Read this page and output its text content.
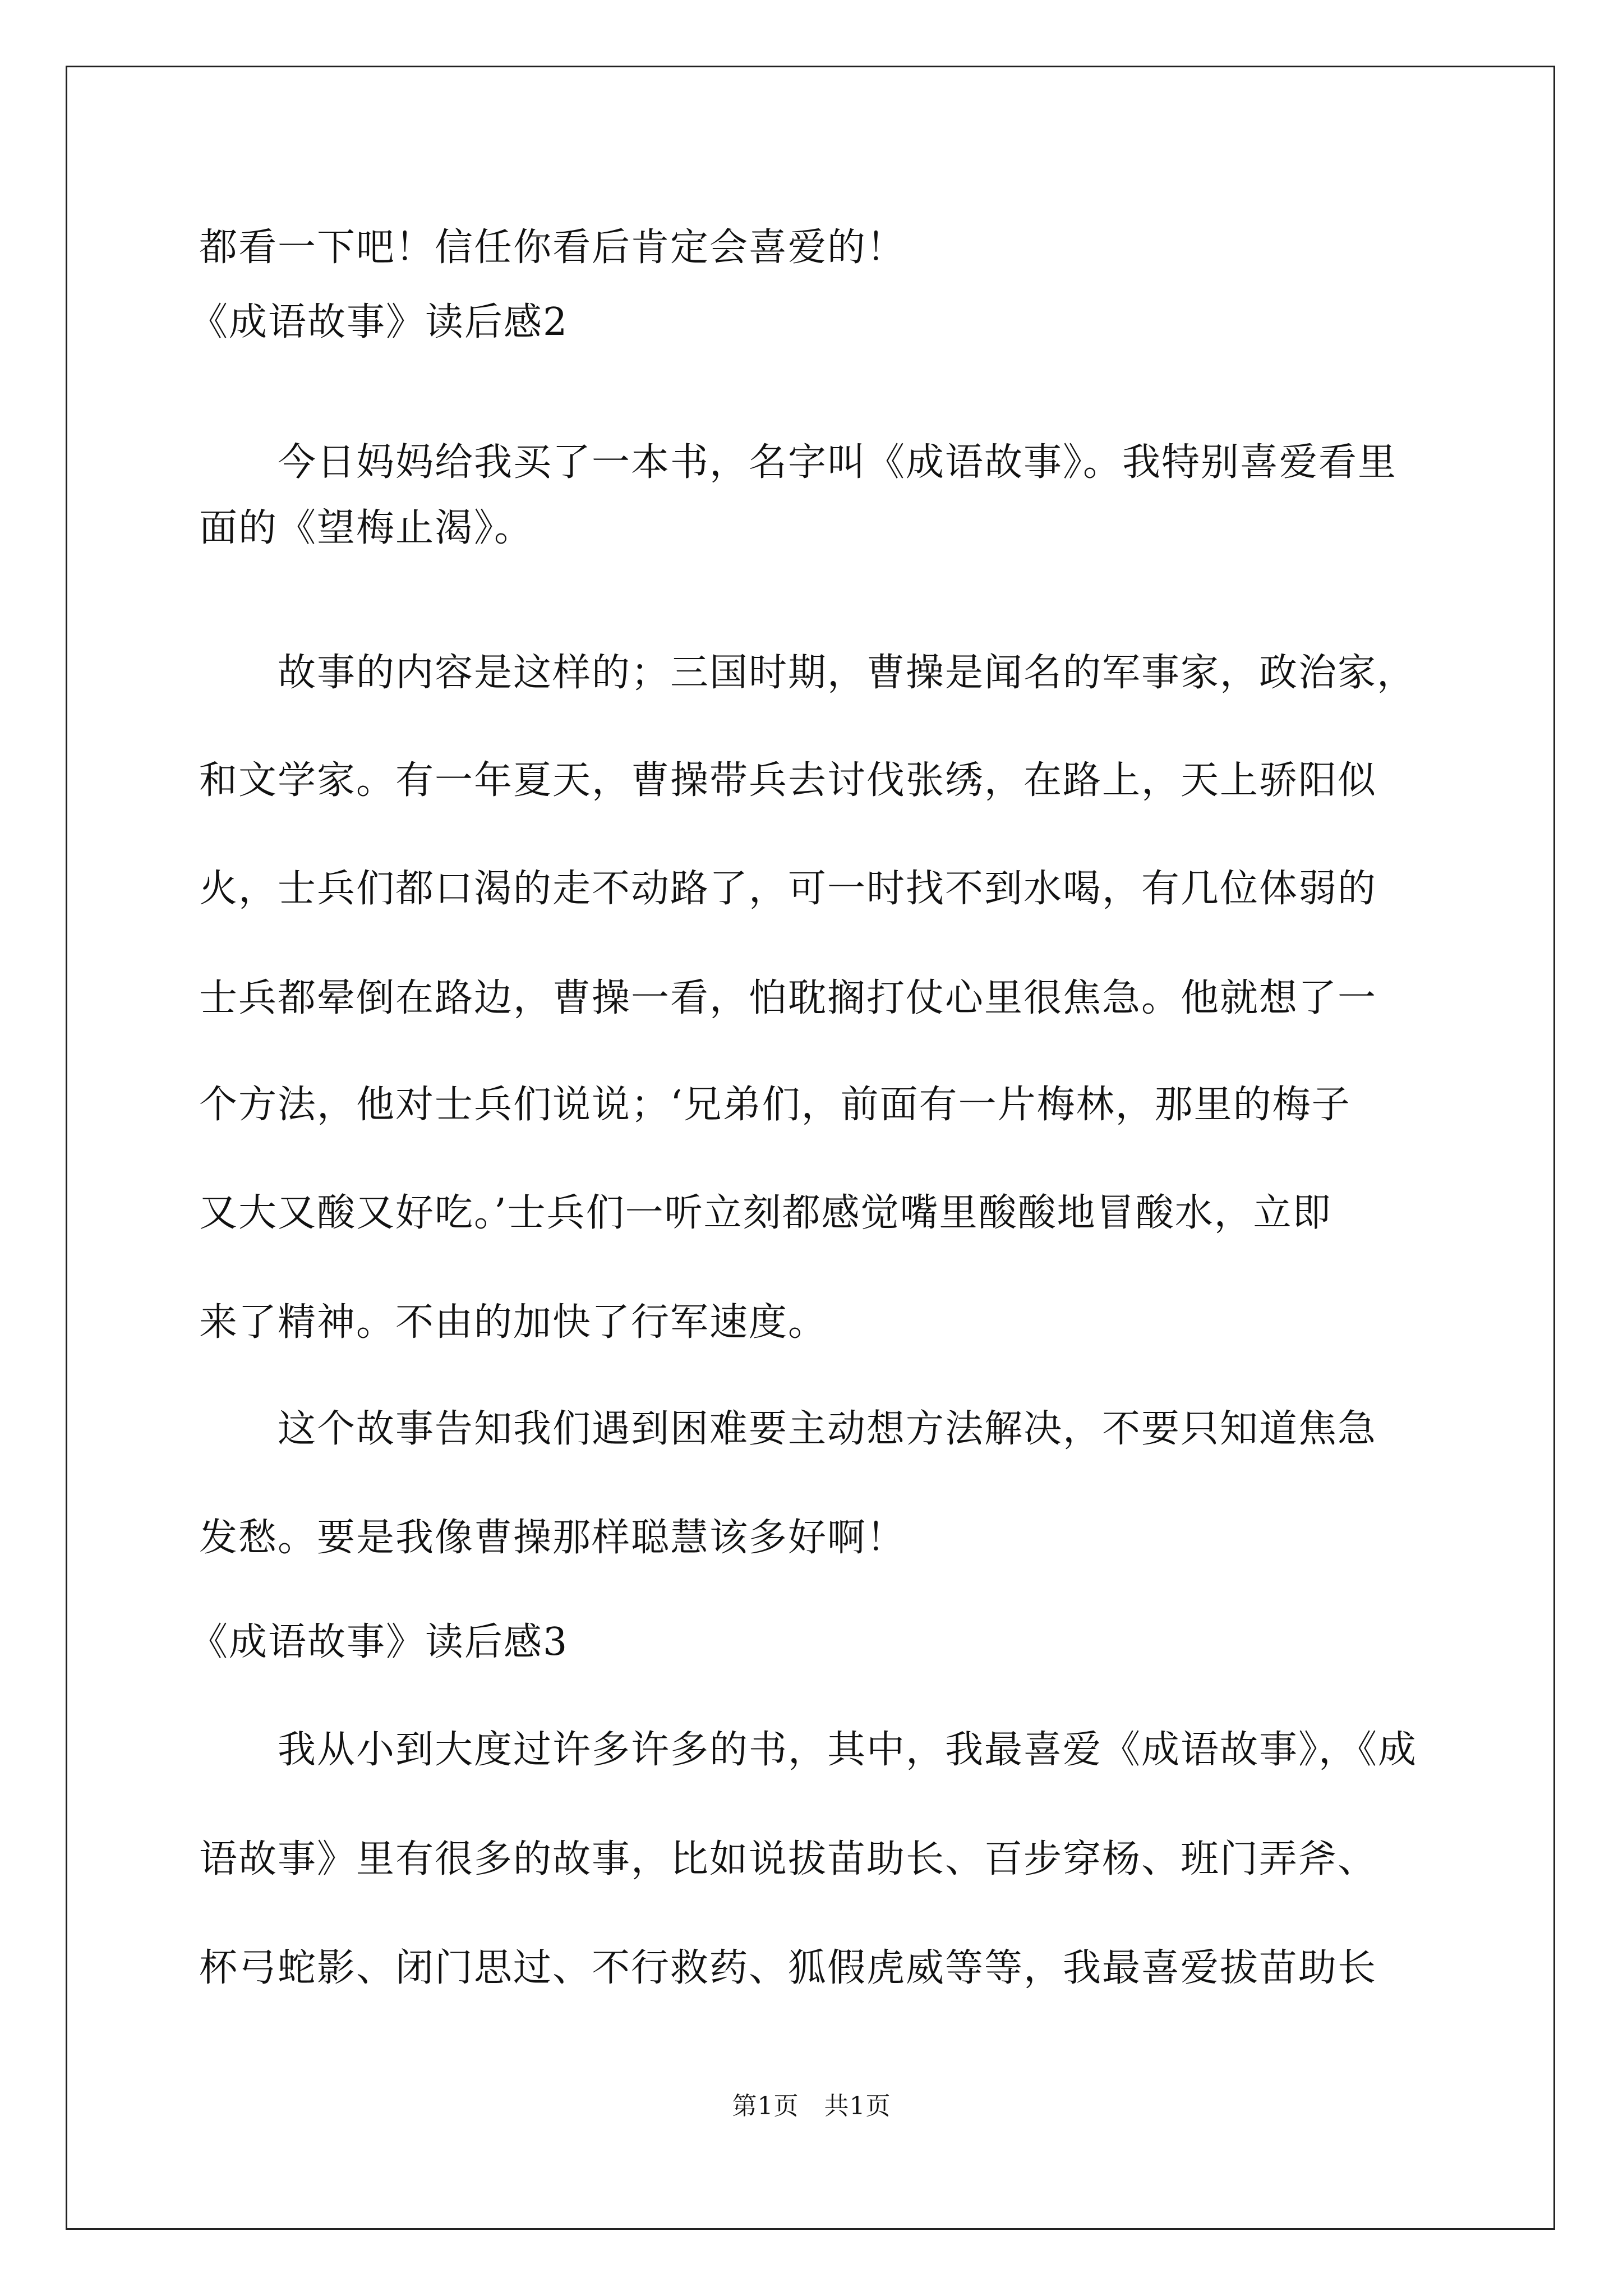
都看一下吧！信任你看后肯定会喜爱的！

《成语故事》读后感2

今日妈妈给我买了一本书，名字叫《成语故事》。我特别喜爱看里

面的《望梅止渴》。

故事的内容是这样的；三国时期，曹操是闻名的军事家，政治家，

和文学家。有一年夏天，曹操带兵去讨伐张绣，在路上，天上骄阳似

火，士兵们都口渴的走不动路了，可一时找不到水喝，有几位体弱的

士兵都晕倒在路边，曹操一看，怕耽搁打仗心里很焦急。他就想了一

个方法，他对士兵们说说；‘兄弟们，前面有一片梅林，那里的梅子

又大又酸又好吃。’士兵们一听立刻都感觉嘴里酸酸地冒酸水，立即

来了精神。不由的加快了行军速度。

这个故事告知我们遇到困难要主动想方法解决，不要只知道焦急

发愁。要是我像曹操那样聪慧该多好啊！

《成语故事》读后感3

我从小到大度过许多许多的书，其中，我最喜爱《成语故事》，《成

语故事》里有很多的故事，比如说拔苗助长、百步穿杨、班门弄斧、

杯弓蛇影、闭门思过、不行救药、狐假虎威等等，我最喜爱拔苗助长

第1页　共1页
